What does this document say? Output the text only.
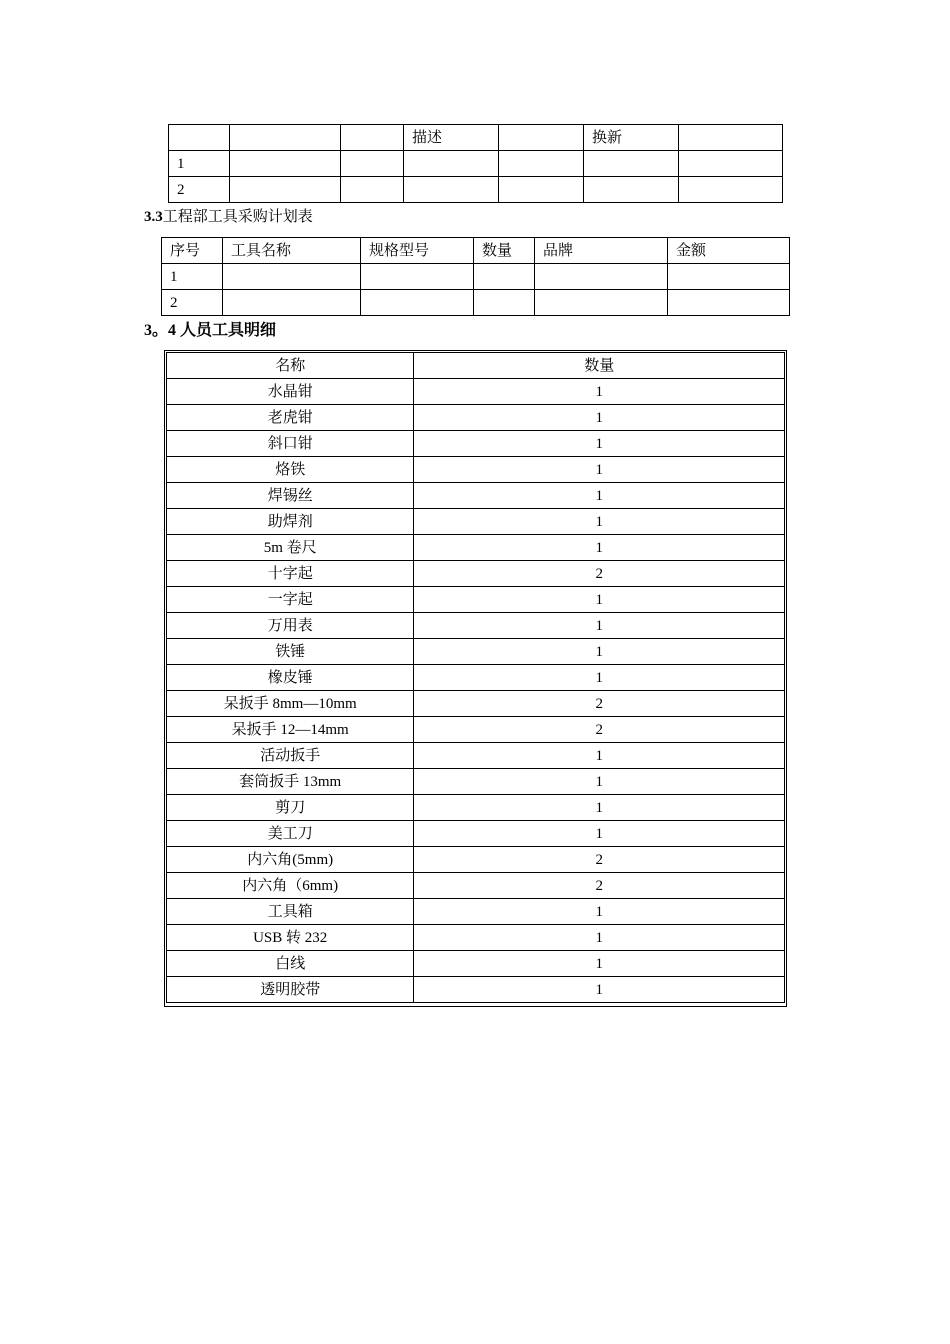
			描述		换新	
1						
2						
3.3工程部工具采购计划表
序号	工具名称	规格型号	数量	品牌	金额
1					
2					
3。4 人员工具明细
名称	数量
水晶钳	1
老虎钳	1
斜口钳	1
烙铁	1
焊锡丝	1
助焊剂	1
5m 卷尺	1
十字起	2
一字起	1
万用表	1
铁锤	1
橡皮锤	1
呆扳手 8mm—10mm	2
呆扳手 12—14mm	2
活动扳手	1
套筒扳手 13mm	1
剪刀	1
美工刀	1
内六角(5mm)	2
内六角（6mm)	2
工具箱	1
USB 转 232	1
白线	1
透明胶带	1
